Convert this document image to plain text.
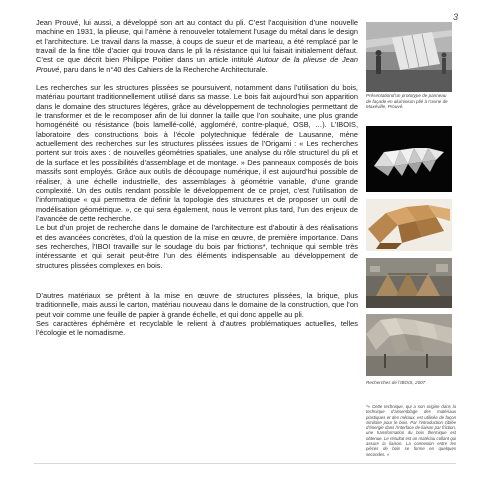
3

Jean Prouvé, lui aussi, a développé son art au contact du pli. C’est l’acquisition d’une nouvelle machine en 1931, la plieuse, qui l’amène à renouveler totalement l’usage du métal dans le design et l’architecture. Le travail dans la masse, à coups de sueur et de marteau, a été remplacé par le travail de la fine tôle d’acier qui trouva dans le pli la résistance qui lui faisait initialement défaut. C’est ce que décrit bien Philippe Poitier dans un article intitulé Autour de la plieuse de Jean Prouvé, paru dans le n°40 des Cahiers de la Recherche Architecturale.

Les recherches sur les structures plissées se poursuivent, notamment dans l’utilisation du bois, matériau pourtant traditionnellement utilisé dans sa masse. Le bois fait aujourd’hui son apparition dans le domaine des structures légères, grâce au développement de technologies permettant de le transformer et de le recomposer afin de lui donner la taille que l’on souhaite, une plus grande homogénéité ou résistance (bois lamellé-collé, aggloméré, contre-plaqué, OSB, …). L’IBOIS, laboratoire des constructions bois à l’école polytechnique fédérale de Lausanne, mène actuellement des recherches sur les structures plissées issues de l’Origami : « Les recherches portent sur trois axes : de nouvelles géométries spatiales, une analyse du rôle structurel du pli et de la surface et les possibilités d’assemblage et de montage. » Des panneaux composés de bois massifs sont employés. Grâce aux outils de découpage numérique, il est aujourd’hui possible de réaliser, à une échelle industrielle, des assemblages à géométrie variable, d’une grande complexité. Un des outils rendant possible le développement de ce projet, c’est l’utilisation de l’informatique « qui permettra de définir la topologie des structures et de proposer un outil de modélisation géométrique. », ce qui sera également, nous le verront plus tard, l’un des enjeux de l’avancée de cette recherche.

Le but d’un projet de recherche dans le domaine de l’architecture est d’aboutir à des réalisations et des avancées concrètes, d’où la question de la mise en œuvre, de première importance. Dans ses recherches, l’IBOI travaille sur le soudage du bois par frictions*, technique qui semble très intéressante et qui serait peut-être l’un des éléments indispensable au développement de structures plissées complexes en bois.

D’autres matériaux se prêtent à la mise en œuvre de structures plissées, la brique, plus traditionnelle, mais aussi le carton, matériau nouveau dans le domaine de la construction, que l’on peut voir comme une feuille de papier à grande échelle, et qui donc appelle au pli.

Ses caractères éphémère et recyclable le relient à d’autres problématiques actuelles, telles l’écologie et le nomadisme.

Présentationd’un prototype de panneau de façade en aluminium plié à l’usine de Maxéville, Prouvé.
Recherches de l’IBOIS, 2007
*« Cette technique, qui a son origine dans la technique d’assemblage des matériaux plastiques et des métaux, est utilisée de façon similaire pour le bois. Par l’introduction ciblée d’énergie dans l’interface de liaison par friction, une transformation du bois thermique est obtenue. Le résultat est un matériau collant qui assure la liaison. La connexion entre les pièces de bois se forme en quelques secondes. »
